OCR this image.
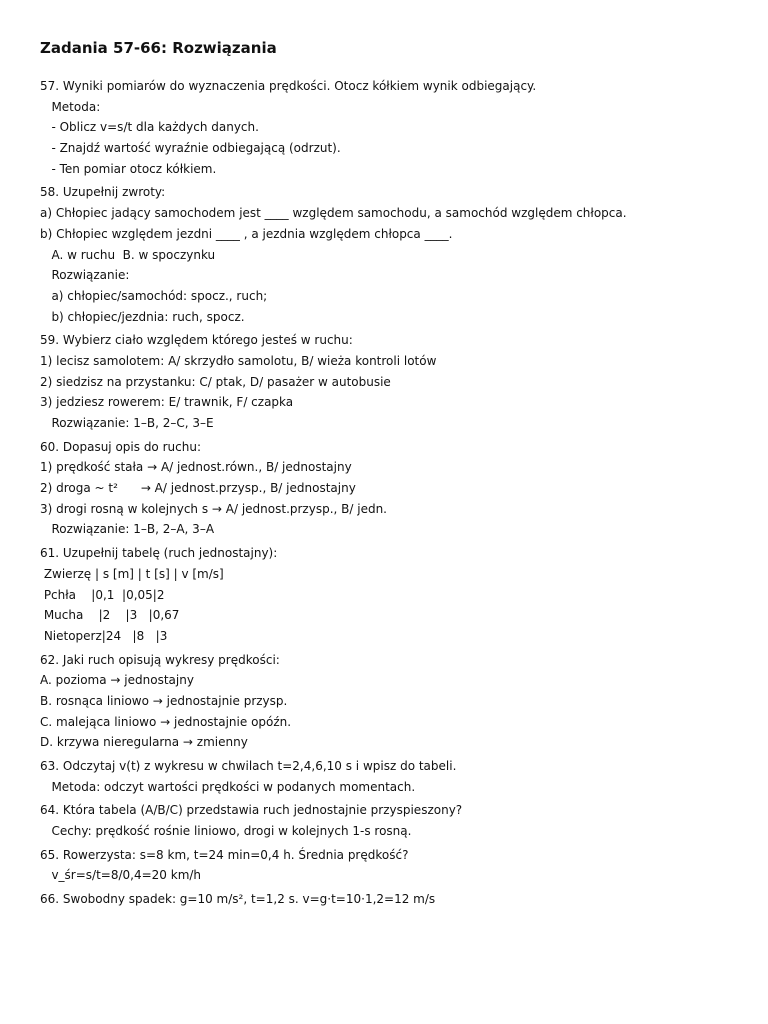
Zadania 57-66: Rozwiązania
57. Wyniki pomiarów do wyznaczenia prędkości. Otocz kółkiem wynik odbiegający.
Metoda:
- Oblicz v=s/t dla każdych danych.
- Znajdź wartość wyraźnie odbiegającą (odrzut).
- Ten pomiar otocz kółkiem.
58. Uzupełnij zwroty:
a) Chłopiec jadący samochodem jest ____ względem samochodu, a samochód względem chłopca.
b) Chłopiec względem jezdni ____ , a jezdnia względem chłopca ____.
A. w ruchu  B. w spoczynku
Rozwiązanie:
a) chłopiec/samochód: spocz., ruch;
b) chłopiec/jezdnia: ruch, spocz.
59. Wybierz ciało względem którego jesteś w ruchu:
1) lecisz samolotem: A/ skrzydło samolotu, B/ wieża kontroli lotów
2) siedzisz na przystanku: C/ ptak, D/ pasażer w autobusie
3) jedziesz rowerem: E/ trawnik, F/ czapka
Rozwiązanie: 1–B, 2–C, 3–E
60. Dopasuj opis do ruchu:
1) prędkość stała → A/ jednost.równ., B/ jednostajny
2) droga ~ t²      → A/ jednost.przysp., B/ jednostajny
3) drogi rosną w kolejnych s → A/ jednost.przysp., B/ jedn.
Rozwiązanie: 1–B, 2–A, 3–A
61. Uzupełnij tabelę (ruch jednostajny):
Zwierzę | s [m] | t [s] | v [m/s]
Pchła    |0,1  |0,05|2
Mucha    |2    |3   |0,67
Nietoperz|24   |8   |3
62. Jaki ruch opisują wykresy prędkości:
A. pozioma → jednostajny
B. rosnąca liniowo → jednostajnie przysp.
C. malejąca liniowo → jednostajnie opóźn.
D. krzywa nieregularna → zmienny
63. Odczytaj v(t) z wykresu w chwilach t=2,4,6,10 s i wpisz do tabeli.
Metoda: odczyt wartości prędkości w podanych momentach.
64. Która tabela (A/B/C) przedstawia ruch jednostajnie przyspieszony?
Cechy: prędkość rośnie liniowo, drogi w kolejnych 1-s rosną.
65. Rowerzysta: s=8 km, t=24 min=0,4 h. Średnia prędkość?
v_śr=s/t=8/0,4=20 km/h
66. Swobodny spadek: g=10 m/s², t=1,2 s. v=g·t=10·1,2=12 m/s
